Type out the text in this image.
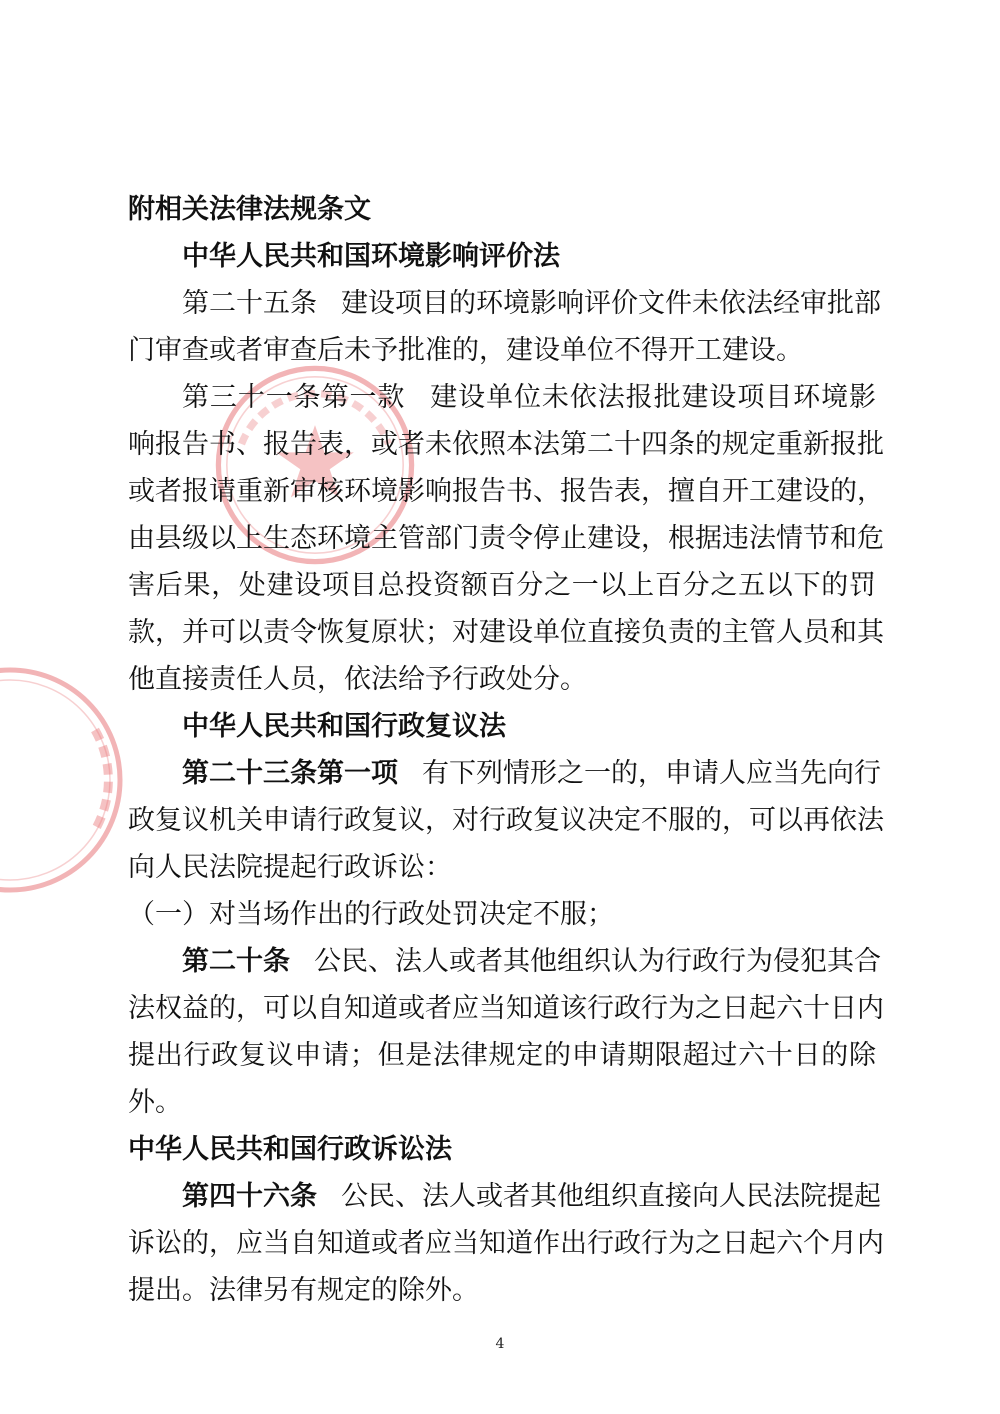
附相关法律法规条文
中华人民共和国环境影响评价法
第二十五条 建设项目的环境影响评价文件未依法经审批部
门审查或者审查后未予批准的，建设单位不得开工建设。
第三十一条第一款 建设单位未依法报批建设项目环境影
响报告书、报告表，或者未依照本法第二十四条的规定重新报批
或者报请重新审核环境影响报告书、报告表，擅自开工建设的，
由县级以上生态环境主管部门责令停止建设，根据违法情节和危
害后果，处建设项目总投资额百分之一以上百分之五以下的罚
款，并可以责令恢复原状；对建设单位直接负责的主管人员和其
他直接责任人员，依法给予行政处分。
中华人民共和国行政复议法
第二十三条第一项 有下列情形之一的，申请人应当先向行
政复议机关申请行政复议，对行政复议决定不服的，可以再依法
向人民法院提起行政诉讼：
（一）对当场作出的行政处罚决定不服；
第二十条 公民、法人或者其他组织认为行政行为侵犯其合
法权益的，可以自知道或者应当知道该行政行为之日起六十日内
提出行政复议申请；但是法律规定的申请期限超过六十日的除
外。
中华人民共和国行政诉讼法
第四十六条 公民、法人或者其他组织直接向人民法院提起
诉讼的，应当自知道或者应当知道作出行政行为之日起六个月内
提出。法律另有规定的除外。
4
